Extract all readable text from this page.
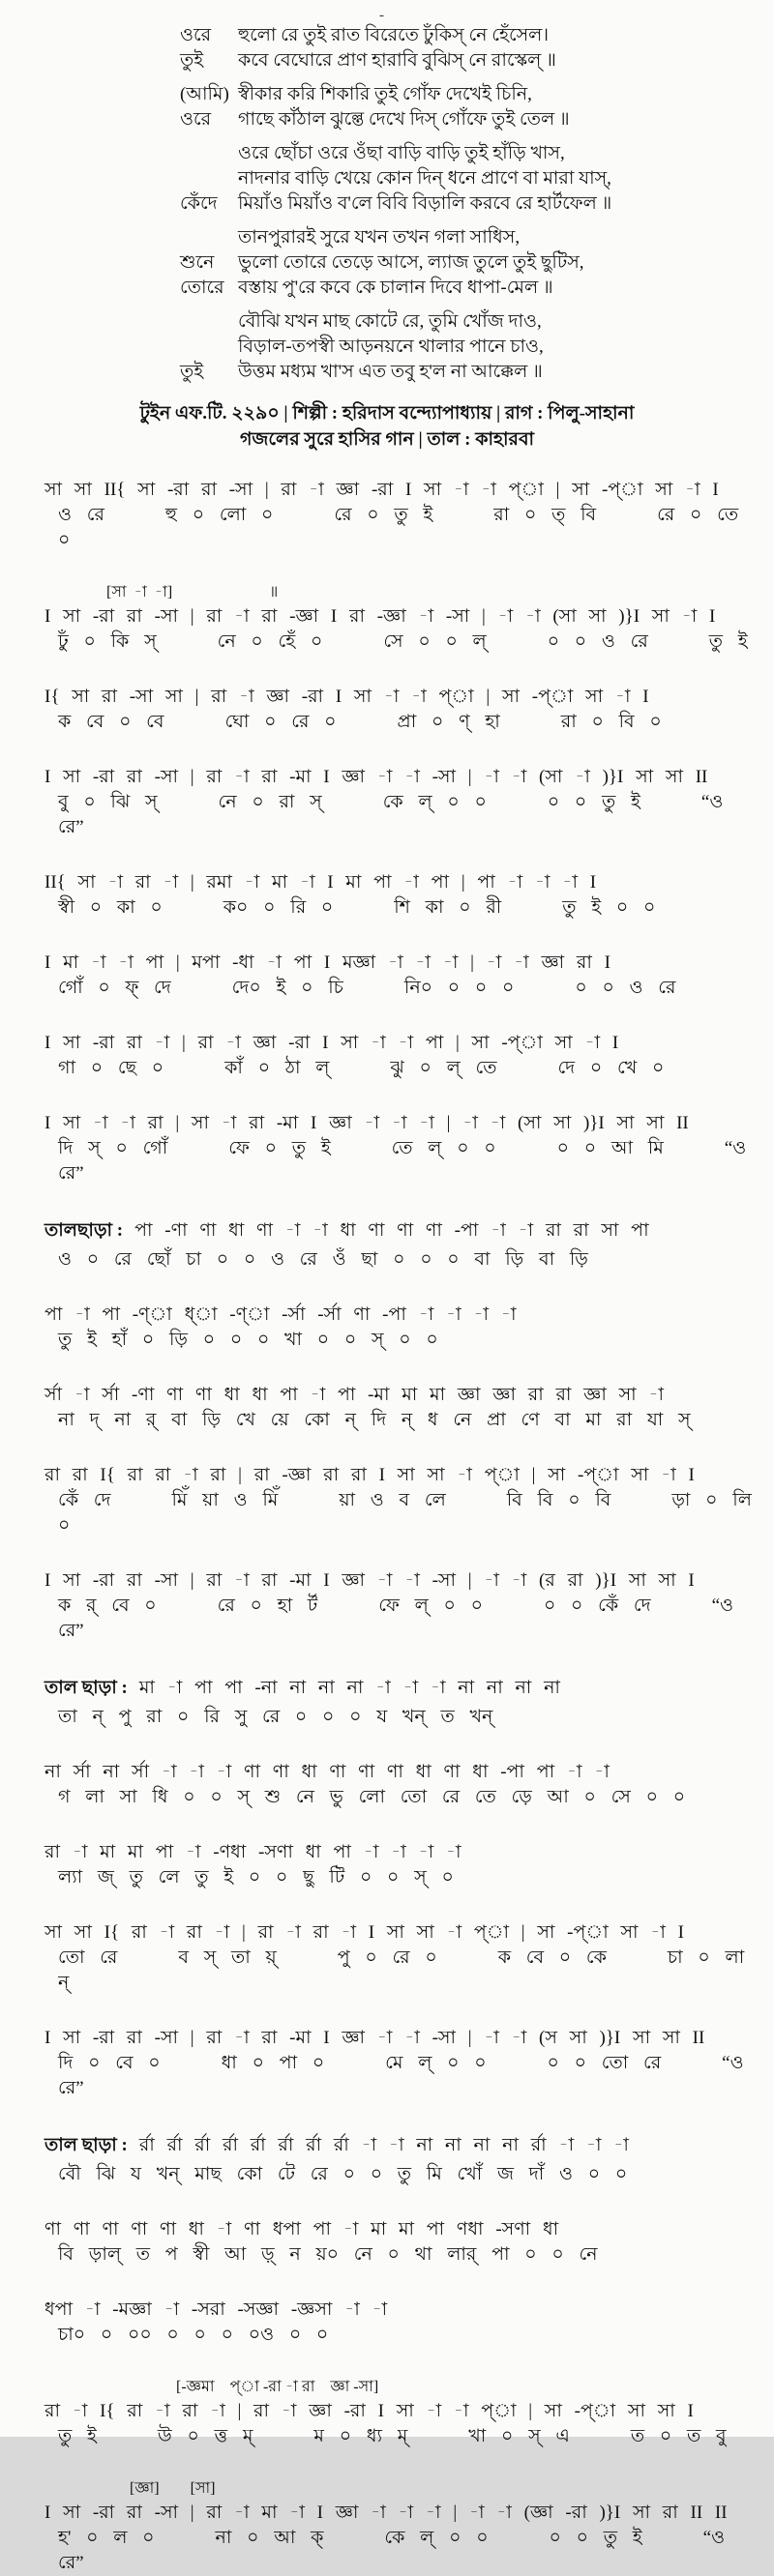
-
ওরে	হুলো রে তুই রাত বিরেতে ঢুঁকিস্ নে হেঁসেল।
তুই	কবে বেঘোরে প্রাণ হারাবি বুঝিস্ নে রাস্কেল্ ॥
(আমি) স্বীকার করি শিকারি তুই গোঁফ দেখেই চিনি,
ওরে	গাছে কাঁঠাল ঝুল্তে দেখে দিস্ গোঁফে তুই তেল ॥
ওরে ছোঁচা ওরে ওঁছা বাড়ি বাড়ি তুই হাঁড়ি খাস,
নাদনার বাড়ি খেয়ে কোন দিন্ ধনে প্রাণে বা মারা যাস্,
কেঁদে	মিয়াঁও মিয়াঁও ব'লে বিবি বিড়ালি করবে রে হার্টফেল ॥
তানপুরারই সুরে যখন তখন গলা সাধিস,
শুনে	ভুলো তোরে তেড়ে আসে, ল্যাজ তুলে তুই ছুটিস,
তোরে বস্তায় পু'রে কবে কে চালান দিবে ধাপা-মেল ॥
বৌঝি যখন মাছ কোটে রে, তুমি খোঁজ দাও,
বিড়াল-তপস্বী আড়নয়নে থালার পানে চাও,
তুই	উত্তম মধ্যম খা'স এত তবু হ'ল না আক্কেল ॥
টুইন এফ.টি. ২২৯০ | শিল্পী : হরিদাস বন্দ্যোপাধ্যায় | রাগ : পিলু-সাহানা
গজলের সুরে হাসির গান | তাল : কাহারবা
সা সা II{ সা -রা রা -সা | রা -া জ্ঞা -রা I সা -া -া প্া | সা -প্া সা -া I
ও রে    হু ০ লো ০    রে ০ তু ই    রা ০ ত্ বি    রে ০ তে ০
[সা  -া  -া]                         ॥
I সা -রা রা -সা | রা -া রা -জ্ঞা I রা -জ্ঞা -া -সা | -া -া (সা সা )}I সা -া I
ঢুঁ ০ কি স্    নে ০ হেঁ ০    সে ০ ০ ল্    ০ ০ ও রে    তু ই
I{ সা রা -সা সা | রা -া জ্ঞা -রা I সা -া -া প্া | সা -প্া সা -া I
ক বে ০ বে    ঘো ০ রে ০    প্রা ০ ণ্ হা    রা ০ বি ০
I সা -রা রা -সা | রা -া রা -মা I জ্ঞা -া -া -সা | -া -া (সা -া )}I সা সা II
বু ০ ঝি স্    নে ০ রা স্    কে ল্ ০ ০    ০ ০ তু ই    “ও রে”
II{ সা -া রা -া | রমা -া মা -া I মা পা -া পা | পা -া -া -া I
স্বী ০ কা ০    ক০ ০ রি ০    শি কা ০ রী    তু ই ০ ০
I মা -া -া পা | মপা -ধা -া পা I মজ্ঞা -া -া -া | -া -া জ্ঞা রা I
গোঁ ০ ফ্ দে    দে০ ই ০ চি    নি০ ০ ০ ০    ০ ০ ও রে
I সা -রা রা -া | রা -া জ্ঞা -রা I সা -া -া পা | সা -প্া সা -া I
গা ০ ছে ০    কাঁ ০ ঠা ল্    ঝু ০ ল্ তে    দে ০ খে ০
I সা -া -া রা | সা -া রা -মা I জ্ঞা -া -া -া | -া -া (সা সা )}I সা সা II
দি স্ ০ গোঁ    ফে ০ তু ই    তে ল্ ০ ০    ০ ০ আ মি    “ও রে”
তালছাড়া : পা -ণা ণা ধা ণা -া -া ধা ণা ণা ণা -পা -া -া রা রা সা পা
ও ০ রে ছোঁ চা ০ ০ ও রে ওঁ ছা ০ ০ ০ বা ড়ি বা ড়ি
পা -া পা -ণ্া ধ্া -ণ্া -র্সা -র্সা ণা -পা -া -া -া -া
তু ই হাঁ ০ ড়ি ০ ০ ০ খা ০ ০ স্ ০ ০
র্সা -া র্সা -ণা ণা ণা ধা ধা পা -া পা -মা মা মা জ্ঞা জ্ঞা রা রা জ্ঞা সা -া
না দ্ না র্ বা ড়ি খে য়ে কো ন্ দি ন্ ধ নে প্রা ণে বা মা রা যা স্
রা রা I{ রা রা -া রা | রা -জ্ঞা রা রা I সা সা -া প্া | সা -প্া সা -া I
কেঁ দে    মিঁ য়া ও মিঁ    য়া ও ব লে    বি বি ০ বি    ড়া ০ লি ০
I সা -রা রা -সা | রা -া রা -মা I জ্ঞা -া -া -সা | -া -া (র রা )}I সা সা I
ক র্ বে ০    রে ০ হা র্ট    ফে ল্ ০ ০    ০ ০ কেঁ দে    “ও রে”
তাল ছাড়া : মা -া পা পা -না না না না -া -া -া না না না না
তা ন্ পু রা ০ রি সু রে ০ ০ ০ য খন্ ত খন্
না র্সা না র্সা -া -া -া ণা ণা ধা ণা ণা ণা ধা ণা ধা -পা পা -া -া
গ লা সা ধি ০ ০ স্ শু নে ভু লো তো রে তে ড়ে আ ০ সে ০ ০
রা -া মা মা পা -া -ণধা -সণা ধা পা -া -া -া -া
ল্যা জ্ তু লে তু ই ০ ০ ছু টি ০ ০ স্ ০
সা সা I{ রা -া রা -া | রা -া রা -া I সা সা -া প্া | সা -প্া সা -া I
তো রে    ব স্ তা য়্    পু ০ রে ০    ক বে ০ কে    চা ০ লা ন্
I সা -রা রা -সা | রা -া রা -মা I জ্ঞা -া -া -সা | -া -া (স সা )}I সা সা II
দি ০ বে ০    ধা ০ পা ০    মে ল্ ০ ০    ০ ০ তো রে    “ও রে”
তাল ছাড়া : র্রা র্রা র্রা র্রা র্রা র্রা র্রা র্রা -া -া না না না না র্রা -া -া -া
বৌ ঝি য খন্ মাছ কো টে রে ০ ০ তু মি খোঁ জ দাঁ ও ০ ০
ণা ণা ণা ণা ণা ধা -া ণা ধপা পা -া মা মা পা ণধা -সণা ধা
বি ড়াল্ ত প স্বী আ ড়্ ন য়০ নে ০ থা লার্ পা ০ ০ নে
ধপা -া -মজ্ঞা -া -সরা -সজ্ঞা -জ্ঞসা -া -া
চা০ ০ ০০ ০ ০ ০ ০ও ০ ০
[-জ্ঞমা    প্া -রা -া রা    জ্ঞা -সা]
রা -া I{ রা -া রা -া | রা -া জ্ঞা -রা I সা -া -া প্া | সা -প্া সা সা I
তু ই    উ ০ ত্ত ম্    ম ০ ধ্য ম্    খা ০ স্ এ    ত ০ ত বু
[জ্ঞা]        [সা]
I সা -রা রা -সা | রা -া মা -া I জ্ঞা -া -া -া | -া -া (জ্ঞা -রা )}I সা রা II II
হ' ০ ল ০    না ০ আ ক্    কে ল্ ০ ০    ০ ০ তু ই    “ও রে”
